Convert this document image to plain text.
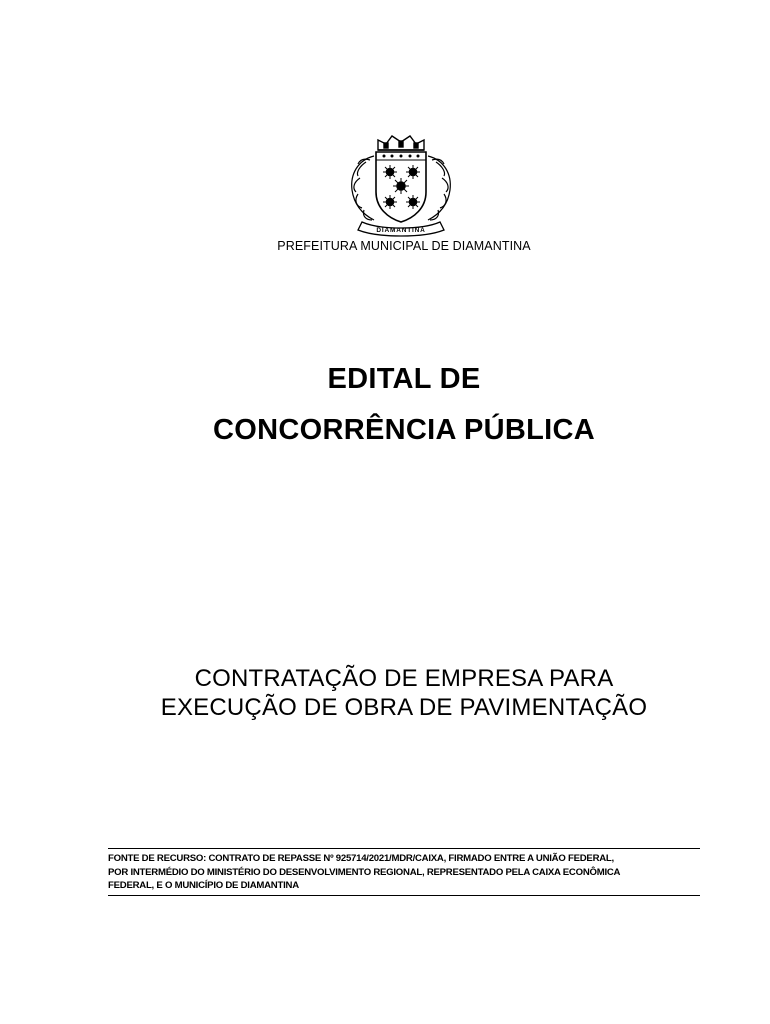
DIAMANTINA
PREFEITURA MUNICIPAL DE DIAMANTINA
EDITAL DE
CONCORRÊNCIA PÚBLICA
CONTRATAÇÃO DE EMPRESA PARA
EXECUÇÃO DE OBRA DE PAVIMENTAÇÃO
FONTE DE RECURSO: CONTRATO DE REPASSE Nº 925714/2021/MDR/CAIXA, FIRMADO ENTRE A UNIÃO FEDERAL,
POR INTERMÉDIO DO MINISTÉRIO DO DESENVOLVIMENTO REGIONAL, REPRESENTADO PELA CAIXA ECONÔMICA
FEDERAL, E O MUNICÍPIO DE DIAMANTINA
